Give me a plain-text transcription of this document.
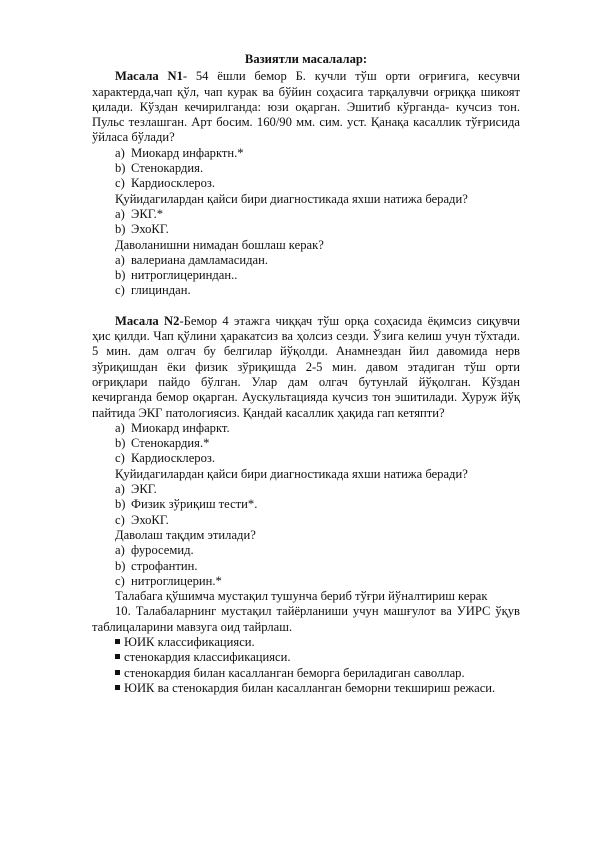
Вазиятли масалалар:

Масала N1- 54 ёшли бемор Б. кучли тўш орти оғриғига, кесувчи характерда,чап қўл, чап курак ва бўйин соҳасига тарқалувчи оғриққа шикоят қилади. Кўздан кечирилганда: юзи оқарган. Эшитиб кўрганда- кучсиз тон. Пульс тезлашган. Арт босим. 160/90 мм. сим. уст. Қанақа касаллик тўғрисида ўйласа бўлади?

a) Миокард инфарктн.*

b) Стенокардия.

c) Кардиосклероз.

Қуйидагилардан қайси бири диагностикада яхши натижа беради?

a) ЭКГ.*

b) ЭхоКГ.

Даволанишни нимадан бошлаш керак?

a) валериана дамламасидан.

b) нитроглицериндан..

c) глициндан.

Масала N2-Бемор 4 этажга чиққач тўш орқа соҳасида ёқимсиз сиқувчи ҳис қилди. Чап қўлини ҳаракатсиз ва ҳолсиз сезди. Ўзига келиш учун тўхтади. 5 мин. дам олгач бу белгилар йўқолди. Анамнездан йил давомида нерв зўриқишдан ёки физик зўриқишда 2-5 мин. давом этадиган тўш орти оғриқлари пайдо бўлган. Улар дам олгач бутунлай йўқолган. Кўздан кечирганда бемор оқарган. Аускультацияда кучсиз тон эшитилади. Хуруж йўқ пайтида ЭКГ патологиясиз. Қандай касаллик ҳақида гап кетяпти?

a) Миокард инфаркт.

b) Стенокардия.*

c) Кардиосклероз.

Қуйидагилардан қайси бири диагностикада яхши натижа беради?

a) ЭКГ.

b) Физик зўриқиш тести*.

c) ЭхоКГ.

Даволаш тақдим этилади?

a) фуросемид.

b) строфантин.

c) нитроглицерин.*

Талабага қўшимча мустақил тушунча бериб тўғри йўналтириш керак

10. Талабаларнинг мустақил тайёрланиши учун машғулот ва УИРС ўқув таблицаларини мавзуга оид тайрлаш.

ЮИК классификацияси.

стенокардия классификацияси.

стенокардия билан касалланган беморга бериладиган саволлар.

ЮИК ва стенокардия билан касалланган беморни текшириш режаси.
